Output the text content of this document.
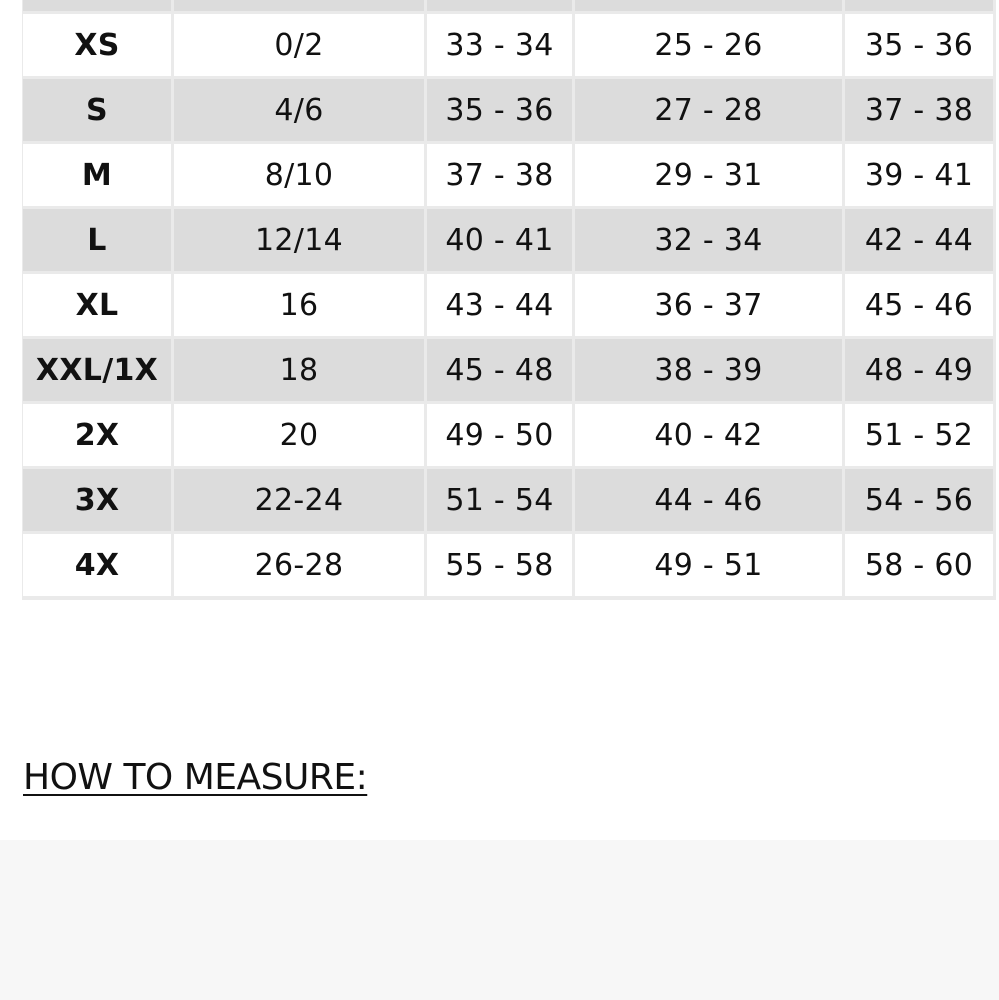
XS	0/2	33 - 34	25 - 26	35 - 36
S	4/6	35 - 36	27 - 28	37 - 38
M	8/10	37 - 38	29 - 31	39 - 41
L	12/14	40 - 41	32 - 34	42 - 44
XL	16	43 - 44	36 - 37	45 - 46
XXL/1X	18	45 - 48	38 - 39	48 - 49
2X	20	49 - 50	40 - 42	51 - 52
3X	22-24	51 - 54	44 - 46	54 - 56
4X	26-28	55 - 58	49 - 51	58 - 60
HOW TO MEASURE:
